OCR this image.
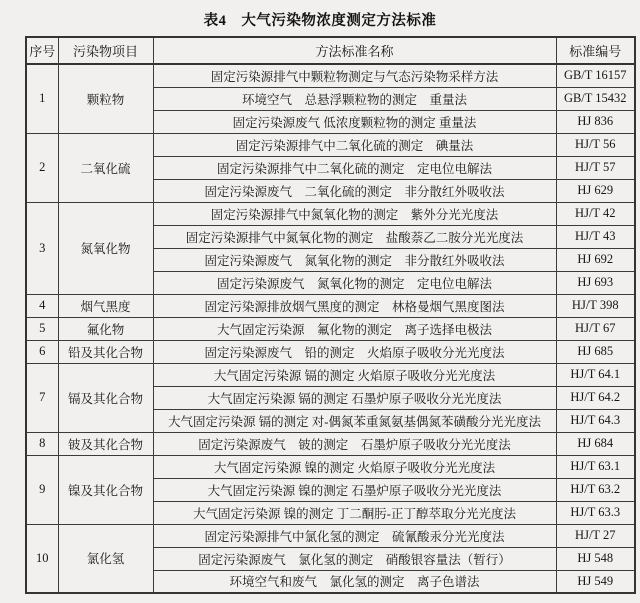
表4　大气污染物浓度测定方法标准
序号	污染物项目	方法标准名称	标准编号
1	颗粒物	固定污染源排气中颗粒物测定与气态污染物采样方法	GB/T 16157
		环境空气　总悬浮颗粒物的测定　重量法	GB/T 15432
		固定污染源废气 低浓度颗粒物的测定 重量法	HJ 836
2	二氧化硫	固定污染源排气中二氧化硫的测定　碘量法	HJ/T 56
		固定污染源排气中二氧化硫的测定　定电位电解法	HJ/T 57
		固定污染源废气　二氧化硫的测定　非分散红外吸收法	HJ 629
3	氮氧化物	固定污染源排气中氮氧化物的测定　紫外分光光度法	HJ/T 42
		固定污染源排气中氮氧化物的测定　盐酸萘乙二胺分光光度法	HJ/T 43
		固定污染源废气　氮氧化物的测定　非分散红外吸收法	HJ 692
		固定污染源废气　氮氧化物的测定　定电位电解法	HJ 693
4	烟气黑度	固定污染源排放烟气黑度的测定　林格曼烟气黑度图法	HJ/T 398
5	氟化物	大气固定污染源　氟化物的测定　离子选择电极法	HJ/T 67
6	铅及其化合物	固定污染源废气　铅的测定　火焰原子吸收分光光度法	HJ 685
7	镉及其化合物	大气固定污染源 镉的测定 火焰原子吸收分光光度法	HJ/T 64.1
		大气固定污染源 镉的测定 石墨炉原子吸收分光光度法	HJ/T 64.2
		大气固定污染源 镉的测定 对-偶氮苯重氮氨基偶氮苯磺酸分光光度法	HJ/T 64.3
8	铍及其化合物	固定污染源废气　铍的测定　石墨炉原子吸收分光光度法	HJ 684
9	镍及其化合物	大气固定污染源 镍的测定 火焰原子吸收分光光度法	HJ/T 63.1
		大气固定污染源 镍的测定 石墨炉原子吸收分光光度法	HJ/T 63.2
		大气固定污染源 镍的测定 丁二酮肟-正丁醇萃取分光光度法	HJ/T 63.3
10	氯化氢	固定污染源排气中氯化氢的测定　硫氰酸汞分光光度法	HJ/T 27
		固定污染源废气　氯化氢的测定　硝酸银容量法（暂行）	HJ 548
		环境空气和废气　氯化氢的测定　离子色谱法	HJ 549
